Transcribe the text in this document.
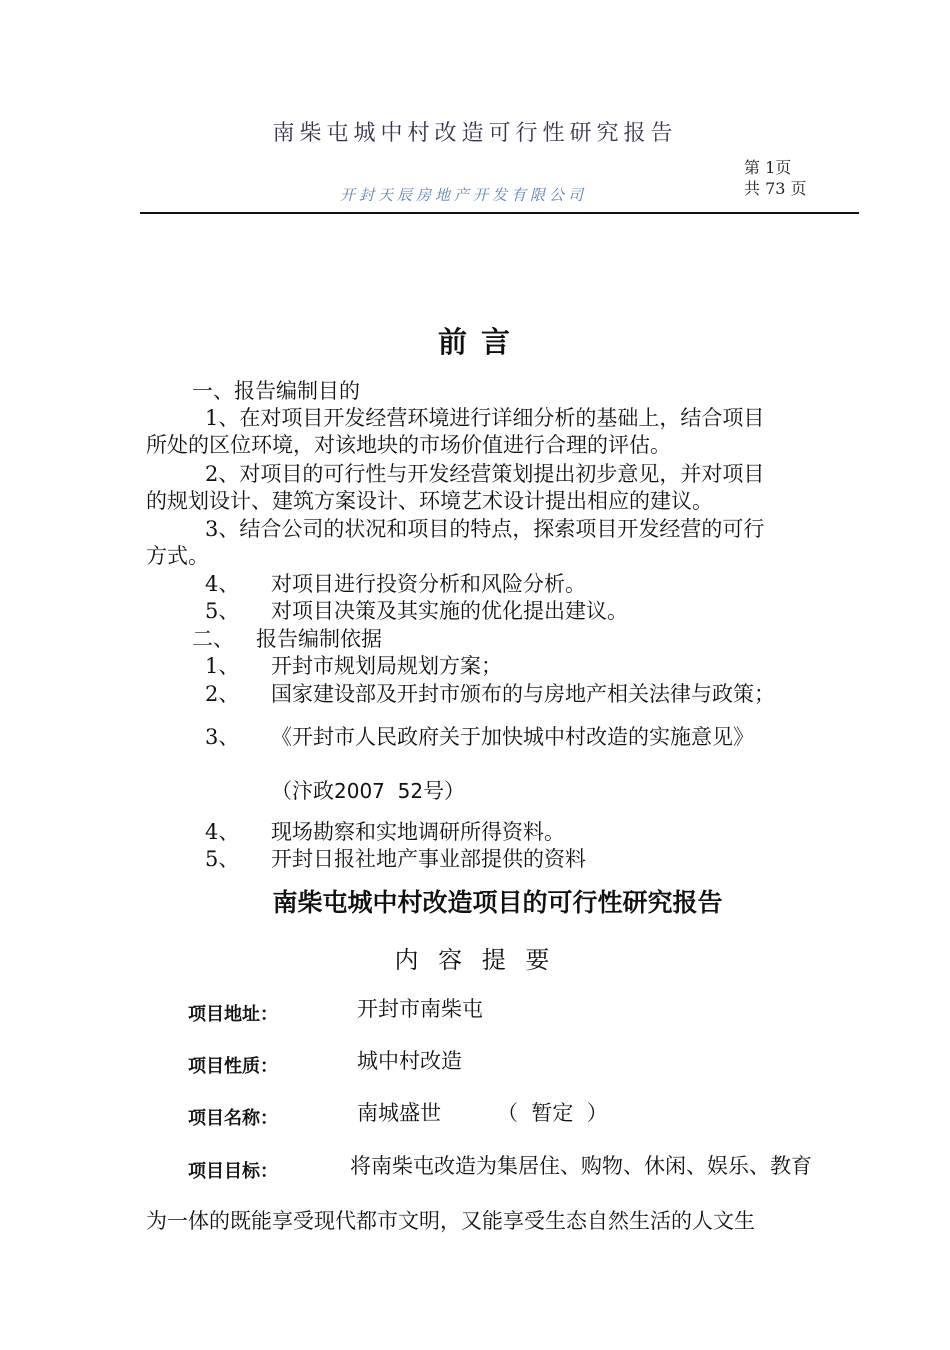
南柴屯城中村改造可行性研究报告
开封天辰房地产开发有限公司
第 1页
共 73 页
前 言
一、报告编制目的
1、在对项目开发经营环境进行详细分析的基础上，结合项目
所处的区位环境，对该地块的市场价值进行合理的评估。
2、对项目的可行性与开发经营策划提出初步意见，并对项目
的规划设计、建筑方案设计、环境艺术设计提出相应的建议。
3、结合公司的状况和项目的特点，探索项目开发经营的可行
方式。
4、 对项目进行投资分析和风险分析。
5、 对项目决策及其实施的优化提出建议。
二、 报告编制依据
1、 开封市规划局规划方案；
2、 国家建设部及开封市颁布的与房地产相关法律与政策；
3、 《开封市人民政府关于加快城中村改造的实施意见》
（汴政2007  52号）
4、 现场勘察和实地调研所得资料。
5、 开封日报社地产事业部提供的资料
南柴屯城中村改造项目的可行性研究报告
内 容 提 要
项目地址：	开封市南柴屯
项目性质：	城中村改造
项目名称：	南城盛世	（  暂定  ）
项目目标：	将南柴屯改造为集居住、购物、休闲、娱乐、教育
为一体的既能享受现代都市文明，又能享受生态自然生活的人文生
